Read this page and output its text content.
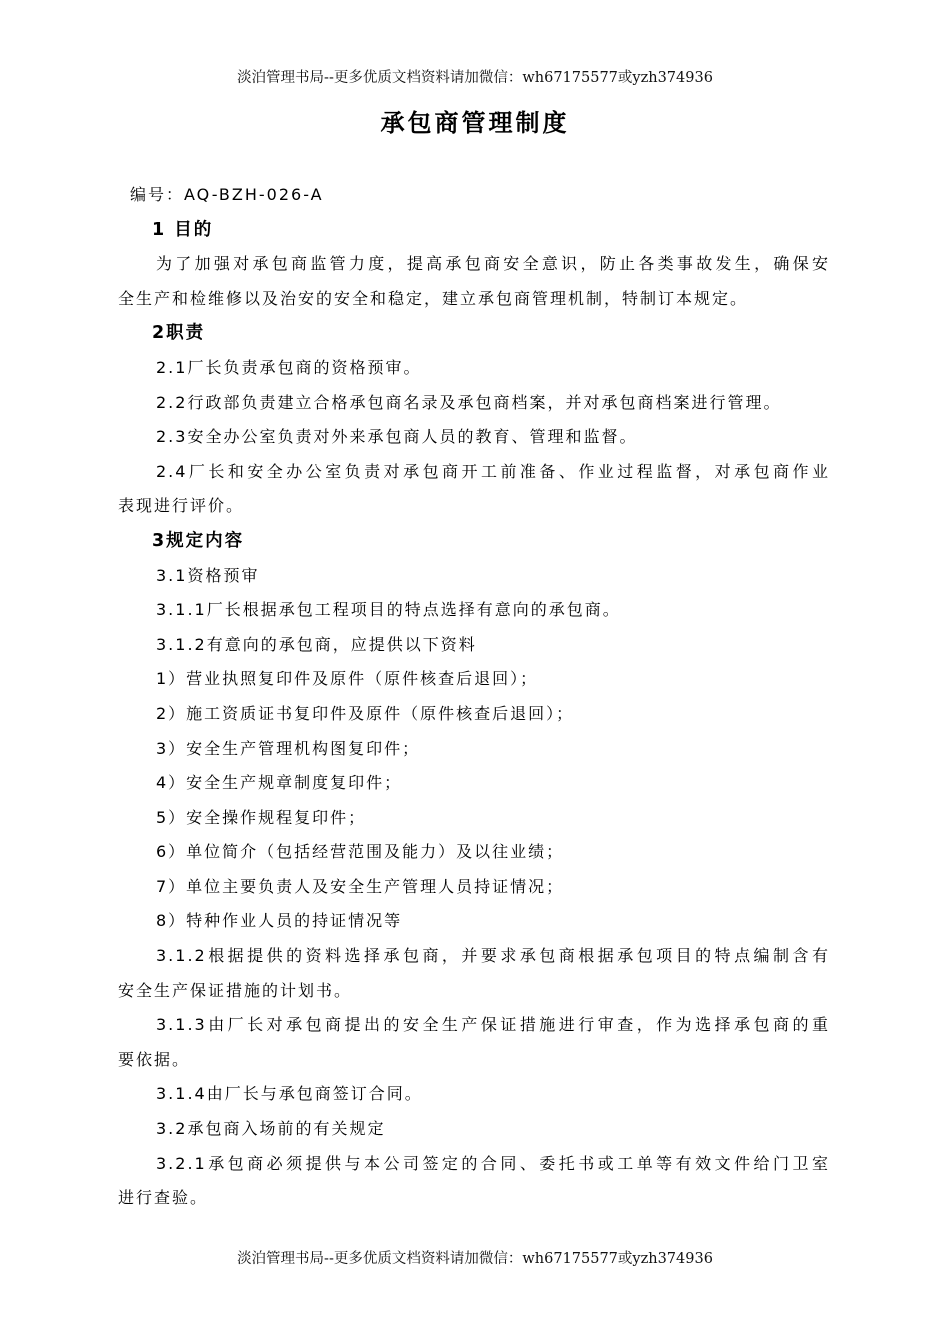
淡泊管理书局--更多优质文档资料请加微信：wh67175577或yzh374936
承包商管理制度

编号：AQ-BZH-026-A

1 目的

为了加强对承包商监管力度，提高承包商安全意识，防止各类事故发生，确保安

全生产和检维修以及治安的安全和稳定，建立承包商管理机制，特制订本规定。

2职责

2.1厂长负责承包商的资格预审。

2.2行政部负责建立合格承包商名录及承包商档案，并对承包商档案进行管理。

2.3安全办公室负责对外来承包商人员的教育、管理和监督。

2.4厂长和安全办公室负责对承包商开工前准备、作业过程监督，对承包商作业

表现进行评价。

3规定内容

3.1资格预审

3.1.1厂长根据承包工程项目的特点选择有意向的承包商。

3.1.2有意向的承包商，应提供以下资料

1）营业执照复印件及原件（原件核查后退回）；

2）施工资质证书复印件及原件（原件核查后退回）；

3）安全生产管理机构图复印件；

4）安全生产规章制度复印件；

5）安全操作规程复印件；

6）单位简介（包括经营范围及能力）及以往业绩；

7）单位主要负责人及安全生产管理人员持证情况；

8）特种作业人员的持证情况等

3.1.2根据提供的资料选择承包商，并要求承包商根据承包项目的特点编制含有

安全生产保证措施的计划书。

3.1.3由厂长对承包商提出的安全生产保证措施进行审查，作为选择承包商的重

要依据。

3.1.4由厂长与承包商签订合同。

3.2承包商入场前的有关规定

3.2.1承包商必须提供与本公司签定的合同、委托书或工单等有效文件给门卫室

进行查验。

淡泊管理书局--更多优质文档资料请加微信：wh67175577或yzh374936
